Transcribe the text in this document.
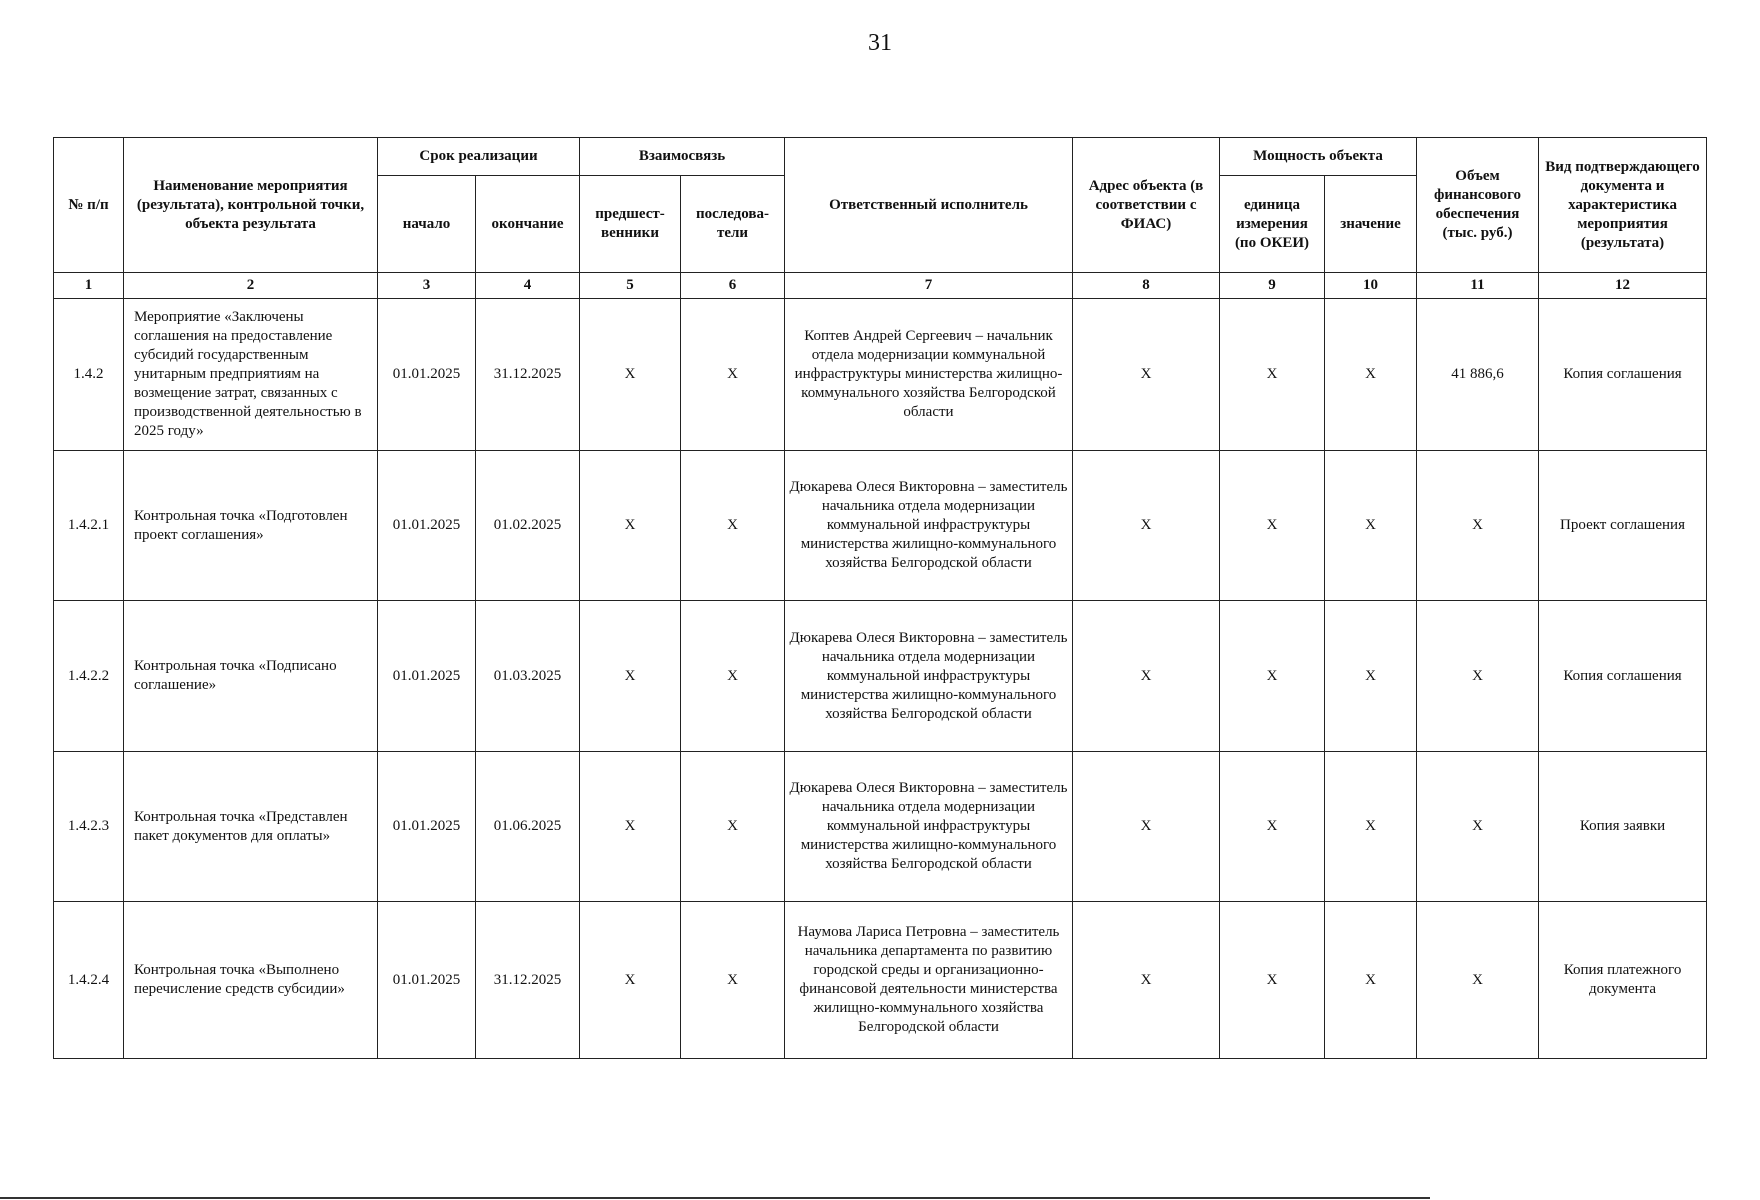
31
№ п/п	Наименование мероприятия (результата), контрольной точки, объекта результата	Срок реализации		Взаимосвязь		Ответственный исполнитель	Адрес объекта (в соответствии с ФИАС)	Мощность объекта		Объем финансового обеспечения (тыс. руб.)	Вид подтверждающего документа и характеристика мероприятия (результата)
		начало	окончание	предшест-венники	последова-тели			единица измерения (по ОКЕИ)	значение		
1	2	3	4	5	6	7	8	9	10	11	12
1.4.2	Мероприятие «Заключены соглашения на предоставление субсидий государственным унитарным предприятиям на возмещение затрат, связанных с производственной деятельностью в 2025 году»	01.01.2025	31.12.2025	Х	Х	Коптев Андрей Сергеевич – начальник отдела модернизации коммунальной инфраструктуры министерства жилищно-коммунального хозяйства Белгородской области	Х	Х	Х	41 886,6	Копия соглашения
1.4.2.1	Контрольная точка «Подготовлен проект соглашения»	01.01.2025	01.02.2025	Х	Х	Дюкарева Олеся Викторовна – заместитель начальника отдела модернизации коммунальной инфраструктуры министерства жилищно-коммунального хозяйства Белгородской области	Х	Х	Х	Х	Проект соглашения
1.4.2.2	Контрольная точка «Подписано соглашение»	01.01.2025	01.03.2025	Х	Х	Дюкарева Олеся Викторовна – заместитель начальника отдела модернизации коммунальной инфраструктуры министерства жилищно-коммунального хозяйства Белгородской области	Х	Х	Х	Х	Копия соглашения
1.4.2.3	Контрольная точка «Представлен пакет документов для оплаты»	01.01.2025	01.06.2025	Х	Х	Дюкарева Олеся Викторовна – заместитель начальника отдела модернизации коммунальной инфраструктуры министерства жилищно-коммунального хозяйства Белгородской области	Х	Х	Х	Х	Копия заявки
1.4.2.4	Контрольная точка «Выполнено перечисление средств субсидии»	01.01.2025	31.12.2025	Х	Х	Наумова Лариса Петровна – заместитель начальника департамента по развитию городской среды и организационно-финансовой деятельности министерства жилищно-коммунального хозяйства Белгородской области	Х	Х	Х	Х	Копия платежного документа
